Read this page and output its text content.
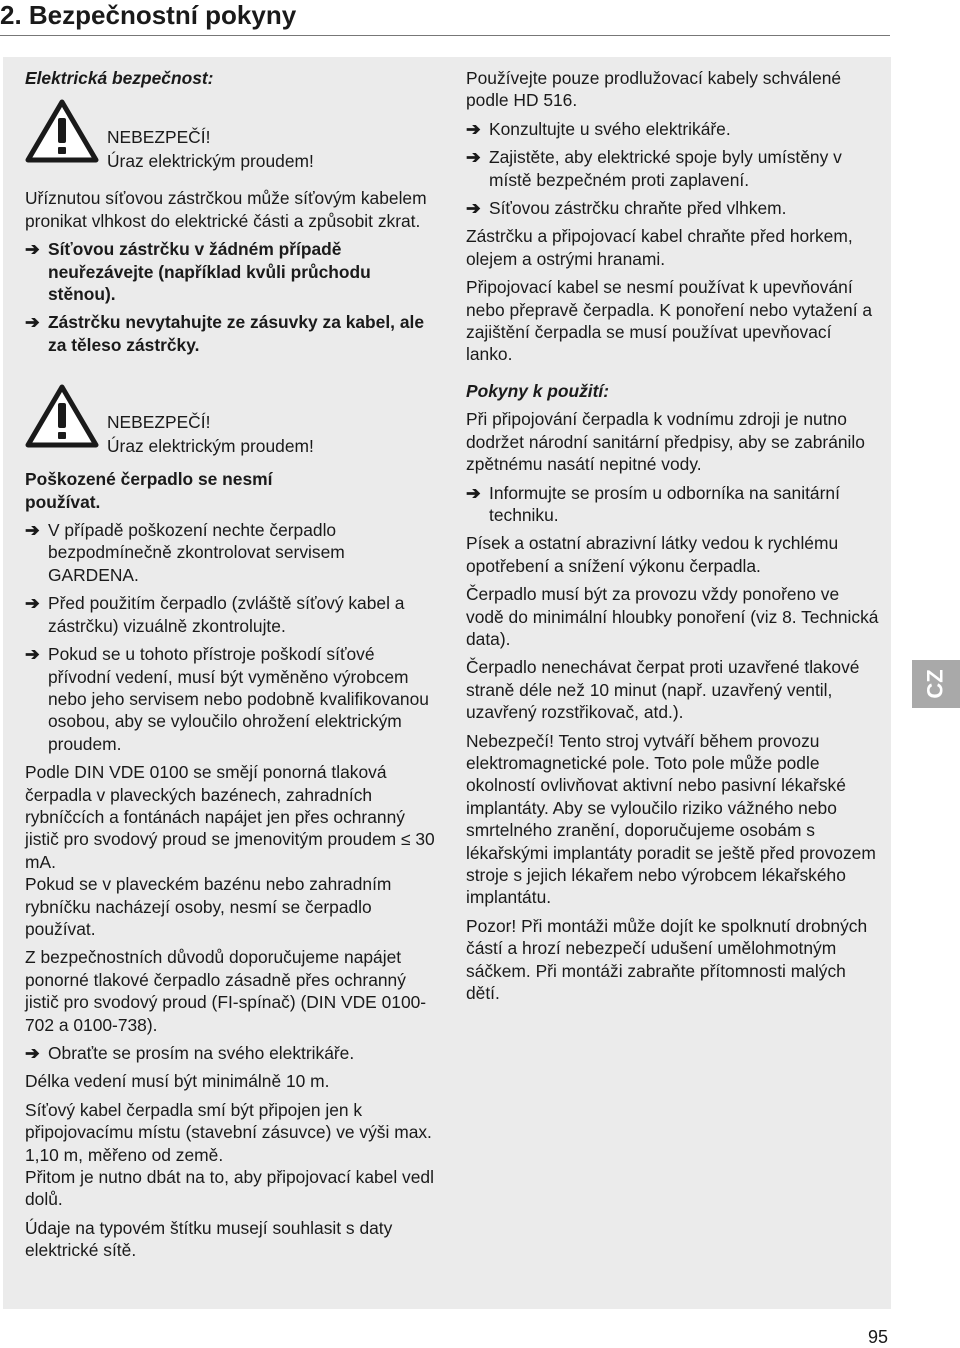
2. Bezpečnostní pokyny

Elektrická bezpečnost:

NEBEZPEČÍ!
Úraz elektrickým proudem!

Uříznutou síťovou zástrčkou může síťovým kabelem pronikat vlhkost do elektrické části a způsobit zkrat.

➔ Síťovou zástrčku v žádném případě neuřezávejte (například kvůli průchodu stěnou).
➔ Zástrčku nevytahujte ze zásuvky za kabel, ale za těleso zástrčky.
NEBEZPEČÍ!
Úraz elektrickým proudem!

Poškozené čerpadlo se nesmí používat.

➔ V případě poškození nechte čerpadlo bezpodmínečně zkontrolovat servisem GARDENA.
➔ Před použitím čerpadlo (zvláště síťový kabel a zástrčku) vizuálně zkontrolujte.
➔ Pokud se u tohoto přístroje poškodí síťové přívodní vedení, musí být vyměněno výrobcem nebo jeho servisem nebo podobně kvalifikovanou osobou, aby se vyloučilo ohrožení elektrickým proudem.

Podle DIN VDE 0100 se smějí ponorná tlaková čerpadla v plaveckých bazénech, zahradních rybníčcích a fontánách napájet jen přes ochranný jistič pro svodový proud se jmenovitým proudem ≤ 30 mA.

Pokud se v plaveckém bazénu nebo zahradním rybníčku nacházejí osoby, nesmí se čerpadlo používat.

Z bezpečnostních důvodů doporučujeme napájet ponorné tlakové čerpadlo zásadně přes ochranný jistič pro svodový proud (FI-spínač) (DIN VDE 0100-702 a 0100-738).

➔ Obraťte se prosím na svého elektrikáře.

Délka vedení musí být minimálně 10 m.

Síťový kabel čerpadla smí být připojen jen k připojovacímu místu (stavební zásuvce) ve výši max. 1,10 m, měřeno od země.

Přitom je nutno dbát na to, aby připojovací kabel vedl dolů.

Údaje na typovém štítku musejí souhlasit s daty elektrické sítě.

Používejte pouze prodlužovací kabely schválené podle HD 516.

➔ Konzultujte u svého elektrikáře.
➔ Zajistěte, aby elektrické spoje byly umístěny v místě bezpečném proti zaplavení.
➔ Síťovou zástrčku chraňte před vlhkem.

Zástrčku a připojovací kabel chraňte před horkem, olejem a ostrými hranami.

Připojovací kabel se nesmí používat k upevňování nebo přepravě čerpadla. K ponoření nebo vytažení a zajištění čerpadla se musí používat upevňovací lanko.

Pokyny k použití:

Při připojování čerpadla k vodnímu zdroji je nutno dodržet národní sanitární předpisy, aby se zabránilo zpětnému nasátí nepitné vody.

➔ Informujte se prosím u odborníka na sanitární techniku.

Písek a ostatní abrazivní látky vedou k rychlému opotřebení a snížení výkonu čerpadla.

Čerpadlo musí být za provozu vždy ponořeno ve vodě do minimální hloubky ponoření (viz 8. Technická data).

Čerpadlo nenechávat čerpat proti uzavřené tlakové straně déle než 10 minut (např. uzavřený ventil, uzavřený rozstřikovač, atd.).

Nebezpečí! Tento stroj vytváří během provozu elektromagnetické pole. Toto pole může podle okolností ovlivňovat aktivní nebo pasivní lékařské implantáty. Aby se vyloučilo riziko vážného nebo smrtelného zranění, doporučujeme osobám s lékařskými implantáty poradit se ještě před provozem stroje s jejich lékařem nebo výrobcem lékařského implantátu.

Pozor! Při montáži může dojít ke spolknutí drobných částí a hrozí nebezpečí udušení umělohmotným sáčkem. Při montáži zabraňte přítomnosti malých dětí.

CZ
95
